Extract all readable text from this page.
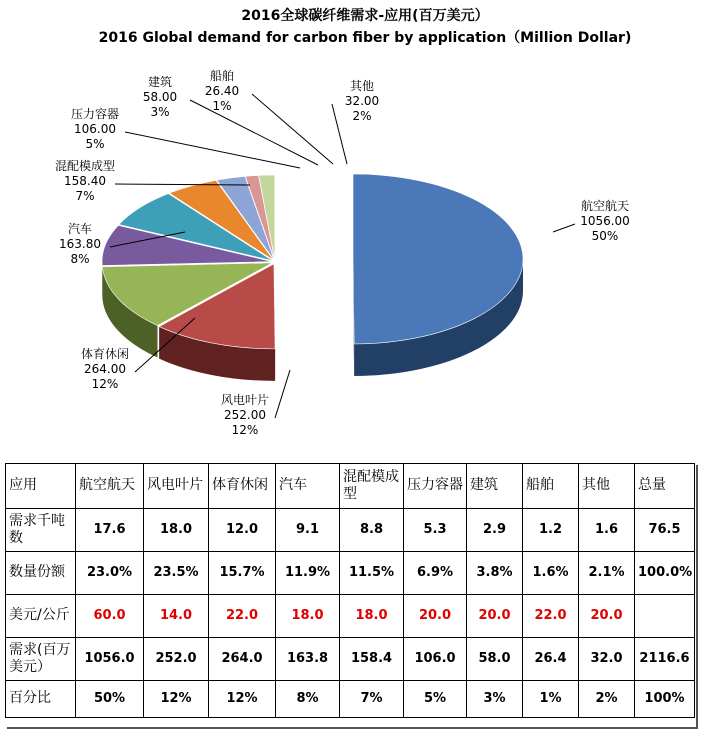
2016全球碳纤维需求-应用(百万美元）
2016 Global demand for carbon fiber by application（Million Dollar)
航空航天
1056.00
50%
风电叶片
252.00
12%
体育休闲
264.00
12%
汽车
163.80
8%
混配模成型
158.40
7%
压力容器
106.00
5%
建筑
58.00
3%
船舶
26.40
1%
其他
32.00
2%
应用	航空航天	风电叶片	体育休闲	汽车	混配模成型	压力容器	建筑	船舶	其他	总量
需求千吨数	17.6	18.0	12.0	9.1	8.8	5.3	2.9	1.2	1.6	76.5
数量份额	23.0%	23.5%	15.7%	11.9%	11.5%	6.9%	3.8%	1.6%	2.1%	100.0%
美元/公斤	60.0	14.0	22.0	18.0	18.0	20.0	20.0	22.0	20.0	
需求(百万美元）	1056.0	252.0	264.0	163.8	158.4	106.0	58.0	26.4	32.0	2116.6
百分比	50%	12%	12%	8%	7%	5%	3%	1%	2%	100%
